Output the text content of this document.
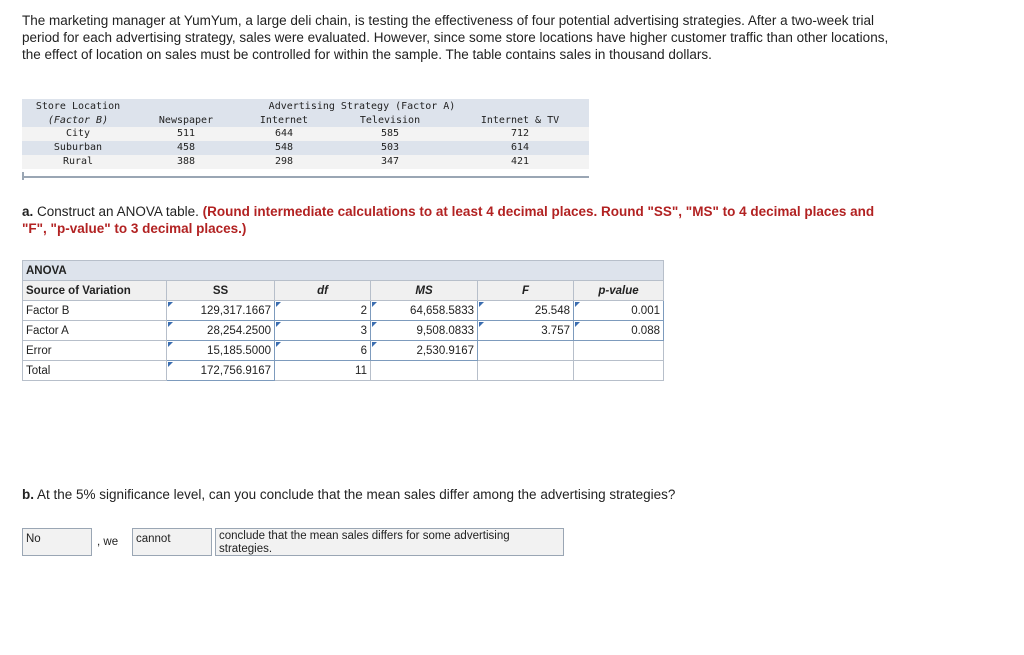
The marketing manager at YumYum, a large deli chain, is testing the effectiveness of four potential advertising strategies. After a two-week trial period for each advertising strategy, sales were evaluated. However, since some store locations have higher customer traffic than other locations, the effect of location on sales must be controlled for within the sample. The table contains sales in thousand dollars.
Store Location
(Factor B)
Advertising Strategy (Factor A)
Newspaper	Internet	Television	Internet & TV
City	511	644	585	712
Suburban	458	548	503	614
Rural	388	298	347	421
a. Construct an ANOVA table. (Round intermediate calculations to at least 4 decimal places. Round "SS", "MS" to 4 decimal places and "F", "p-value" to 3 decimal places.)
ANOVA					
Source of Variation	SS	df	MS	F	p-value
Factor B	129,317.1667	2	64,658.5833	25.548	0.001
Factor A	28,254.2500	3	9,508.0833	3.757	0.088
Error	15,185.5000	6	2,530.9167		
Total	172,756.9167	11			
b. At the 5% significance level, can you conclude that the mean sales differ among the advertising strategies?
No	, we	cannot	conclude that the mean sales differs for some advertising strategies.
